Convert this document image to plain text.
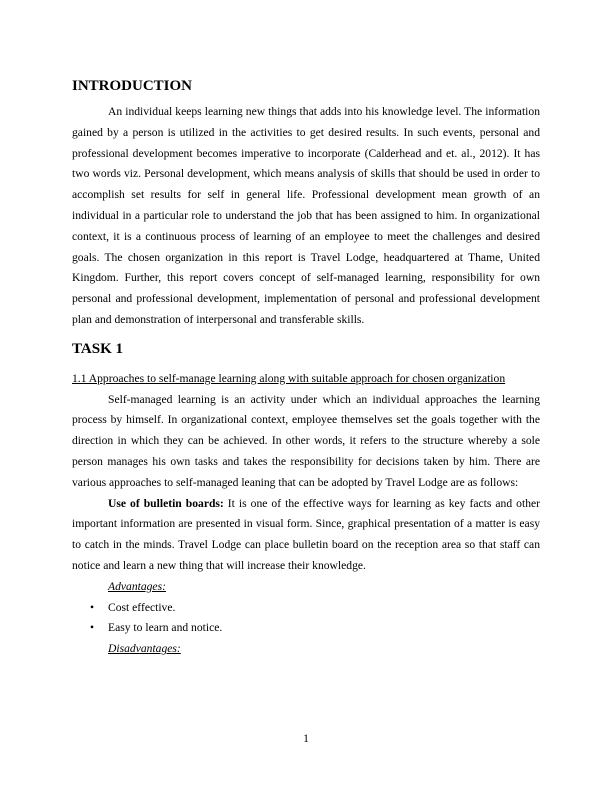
INTRODUCTION

An individual keeps learning new things that adds into his knowledge level. The information gained by a person is utilized in the activities to get desired results. In such events, personal and professional development becomes imperative to incorporate (Calderhead and et. al., 2012). It has two words viz. Personal development, which means analysis of skills that should be used in order to accomplish set results for self in general life. Professional development mean growth of an individual in a particular role to understand the job that has been assigned to him. In organizational context, it is a continuous process of learning of an employee to meet the challenges and desired goals. The chosen organization in this report is Travel Lodge, headquartered at Thame, United Kingdom. Further, this report covers concept of self-managed learning, responsibility for own personal and professional development, implementation of personal and professional development plan and demonstration of interpersonal and transferable skills.

TASK 1

1.1 Approaches to self-manage learning along with suitable approach for chosen organization

Self-managed learning is an activity under which an individual approaches the learning process by himself. In organizational context, employee themselves set the goals together with the direction in which they can be achieved. In other words, it refers to the structure whereby a sole person manages his own tasks and takes the responsibility for decisions taken by him. There are various approaches to self-managed leaning that can be adopted by Travel Lodge are as follows:

Use of bulletin boards: It is one of the effective ways for learning as key facts and other important information are presented in visual form. Since, graphical presentation of a matter is easy to catch in the minds. Travel Lodge can place bulletin board on the reception area so that staff can notice and learn a new thing that will increase their knowledge.

Advantages:

• Cost effective.
• Easy to learn and notice.

Disadvantages:

1
